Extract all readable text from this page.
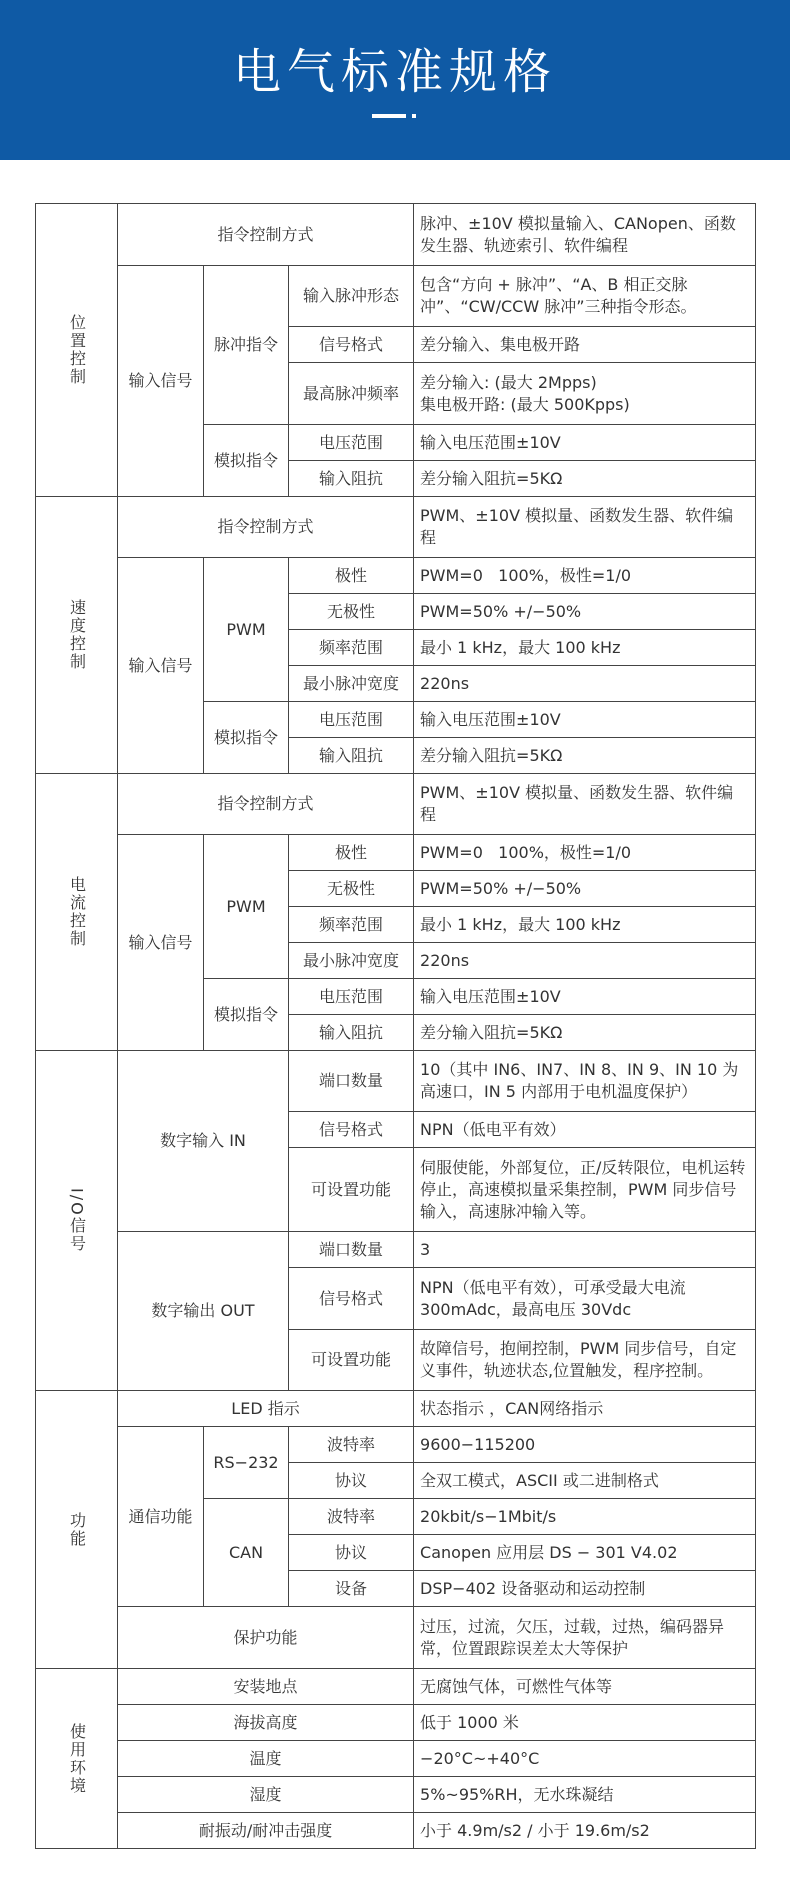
电气标准规格
位置控制	指令控制方式			脉冲、±10V 模拟量输入、CANopen、函数发生器、轨迹索引、软件编程
	输入信号	脉冲指令	输入脉冲形态	包含“方向 + 脉冲”、“A、B 相正交脉冲”、“CW/CCW 脉冲”三种指令形态。
			信号格式	差分输入、集电极开路
			最高脉冲频率	差分输入: (最大 2Mpps)
集电极开路: (最大 500Kpps)

		模拟指令	电压范围	输入电压范围±10V
			输入阻抗	差分输入阻抗=5KΩ
速度控制	指令控制方式			PWM、±10V 模拟量、函数发生器、软件编程
	输入信号	PWM	极性	PWM=0   100%，极性=1/0
			无极性	PWM=50% +/−50%
			频率范围	最小 1 kHz，最大 100 kHz
			最小脉冲宽度	220ns
		模拟指令	电压范围	输入电压范围±10V
			输入阻抗	差分输入阻抗=5KΩ
电流控制	指令控制方式			PWM、±10V 模拟量、函数发生器、软件编程
	输入信号	PWM	极性	PWM=0   100%，极性=1/0
			无极性	PWM=50% +/−50%
			频率范围	最小 1 kHz，最大 100 kHz
			最小脉冲宽度	220ns
		模拟指令	电压范围	输入电压范围±10V
			输入阻抗	差分输入阻抗=5KΩ
I/O信号	数字输入 IN		端口数量	10（其中 IN6、IN7、IN 8、IN 9、IN 10 为高速口，IN 5 内部用于电机温度保护）
			信号格式	NPN（低电平有效）
			可设置功能	伺服使能，外部复位，正/反转限位，电机运转停止，高速模拟量采集控制，PWM 同步信号输入，高速脉冲输入等。
	数字输出 OUT		端口数量	3
			信号格式	NPN（低电平有效），可承受最大电流 300mAdc，最高电压 30Vdc
			可设置功能	故障信号，抱闸控制，PWM 同步信号，自定义事件，轨迹状态,位置触发，程序控制。
功能	LED 指示			状态指示 ，CAN网络指示
	通信功能	RS−232	波特率	9600−115200
			协议	全双工模式，ASCII 或二进制格式
		CAN	波特率	20kbit/s−1Mbit/s
			协议	Canopen 应用层 DS − 301 V4.02
			设备	DSP−402 设备驱动和运动控制
	保护功能			过压，过流，欠压，过载，过热，编码器异常，位置跟踪误差太大等保护
使用环境	安装地点			无腐蚀气体，可燃性气体等
	海拔高度			低于 1000 米
	温度			−20°C~+40°C
	湿度			5%~95%RH，无水珠凝结
	耐振动/耐冲击强度			小于 4.9m/s2 / 小于 19.6m/s2
